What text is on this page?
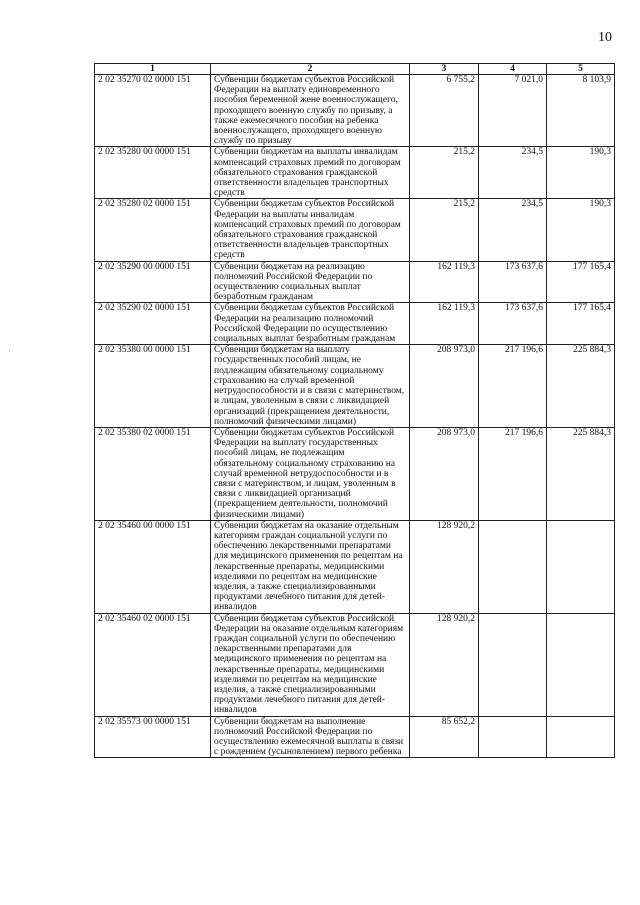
10
·
1	2	3	4	5
2 02 35270 02 0000 151	Субвенции бюджетам субъектов Российской Федерации на выплату единовременного пособия беременной жене военнослужащего, проходящего военную службу по призыву, а также ежемесячного пособия на ребенка военнослужащего, проходящего военную службу по призыву	6 755,2	7 021,0	8 103,9
2 02 35280 00 0000 151	Субвенции бюджетам на выплаты инвалидам компенсаций страховых премий по договорам обязательного страхования гражданской ответственности владельцев транспортных средств	215,2	234,5	190,3
2 02 35280 02 0000 151	Субвенции бюджетам субъектов Российской Федерации на выплаты инвалидам компенсаций страховых премий по договорам обязательного страхования гражданской ответственности владельцев транспортных средств	215,2	234,5	190,3
2 02 35290 00 0000 151	Субвенции бюджетам на реализацию полномочий Российской Федерации по осуществлению социальных выплат безработным гражданам	162 119,3	173 637,6	177 165,4
2 02 35290 02 0000 151	Субвенции бюджетам субъектов Российской Федерации на реализацию полномочий Российской Федерации по осуществлению социальных выплат безработным гражданам	162 119,3	173 637,6	177 165,4
2 02 35380 00 0000 151	Субвенции бюджетам на выплату государственных пособий лицам, не подлежащим обязательному социальному страхованию на случай временной нетрудоспособности и в связи с материнством, и лицам, уволенным в связи с ликвидацией организаций (прекращением деятельности, полномочий физическими лицами)	208 973,0	217 196,6	225 884,3
2 02 35380 02 0000 151	Субвенции бюджетам субъектов Российской Федерации на выплату государственных пособий лицам, не подлежащим обязательному социальному страхованию на случай временной нетрудоспособности и в связи с материнством, и лицам, уволенным в связи с ликвидацией организаций (прекращением деятельности, полномочий физическими лицами)	208 973,0	217 196,6	225 884,3
2 02 35460 00 0000 151	Субвенции бюджетам на оказание отдельным категориям граждан социальной услуги по обеспечению лекарственными препаратами для медицинского применения по рецептам на лекарственные препараты, медицинскими изделиями по рецептам на медицинские изделия, а также специализированными продуктами лечебного питания для детей-инвалидов	128 920,2		
2 02 35460 02 0000 151	Субвенции бюджетам субъектов Российской Федерации на оказание отдельным категориям граждан социальной услуги по обеспечению лекарственными препаратами для медицинского применения по рецептам на лекарственные препараты, медицинскими изделиями по рецептам на медицинские изделия, а также специализированными продуктами лечебного питания для детей-инвалидов	128 920,2		
2 02 35573 00 0000 151	Субвенции бюджетам на выполнение полномочий Российской Федерации по осуществлению ежемесячной выплаты в связи с рождением (усыновлением) первого ребенка	85 652,2		
